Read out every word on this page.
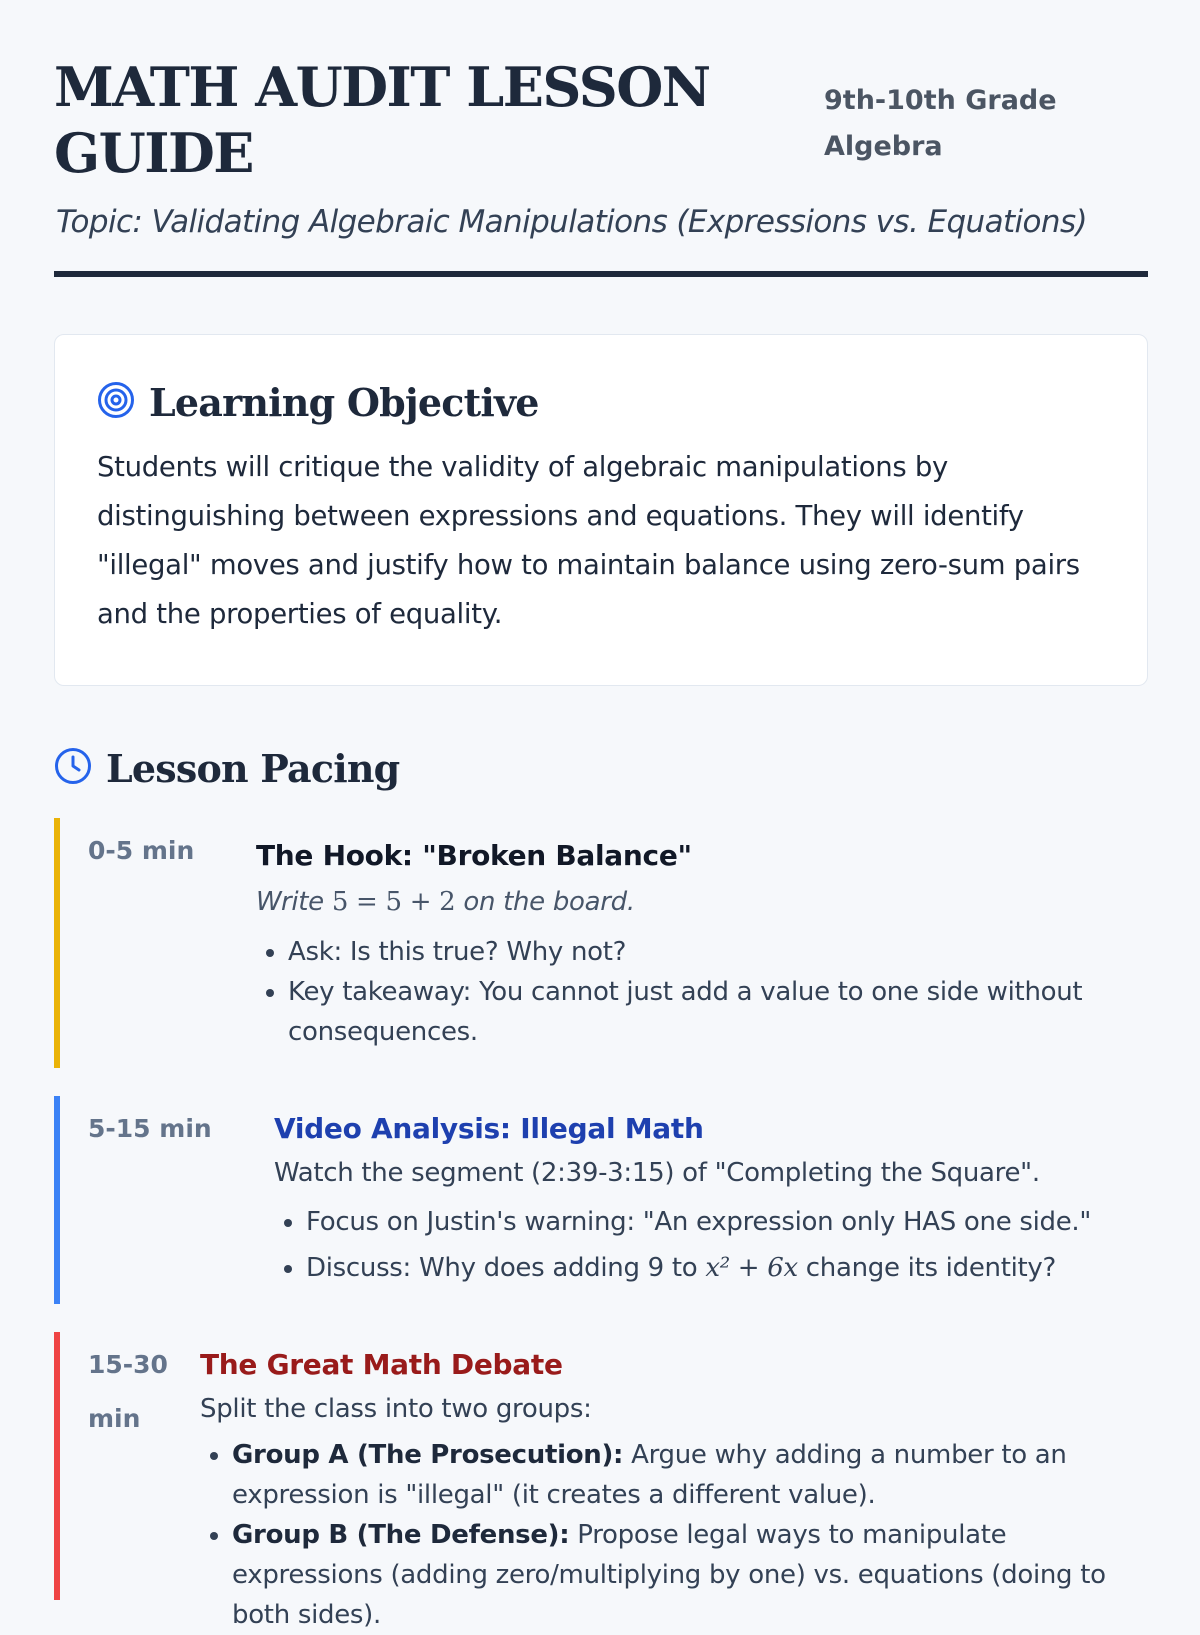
MATH AUDIT LESSON GUIDE
9th-10th Grade Algebra
Topic: Validating Algebraic Manipulations (Expressions vs. Equations)
Learning Objective
Students will critique the validity of algebraic manipulations by distinguishing between expressions and equations. They will identify "illegal" moves and justify how to maintain balance using zero-sum pairs and the properties of equality.
Lesson Pacing
0-5 min The Hook: "Broken Balance"
Write 5 = 5 + 2 on the board.
• Ask: Is this true? Why not?
• Key takeaway: You cannot just add a value to one side without consequences.
5-15 min Video Analysis: Illegal Math
Watch the segment (2:39-3:15) of "Completing the Square".
• Focus on Justin's warning: "An expression only HAS one side."
• Discuss: Why does adding 9 to x² + 6x change its identity?
15-30 min
The Great Math Debate
Split the class into two groups:
• Group A (The Prosecution): Argue why adding a number to an expression is "illegal" (it creates a different value).
• Group B (The Defense): Propose legal ways to manipulate expressions (adding zero/multiplying by one) vs. equations (doing to both sides).
